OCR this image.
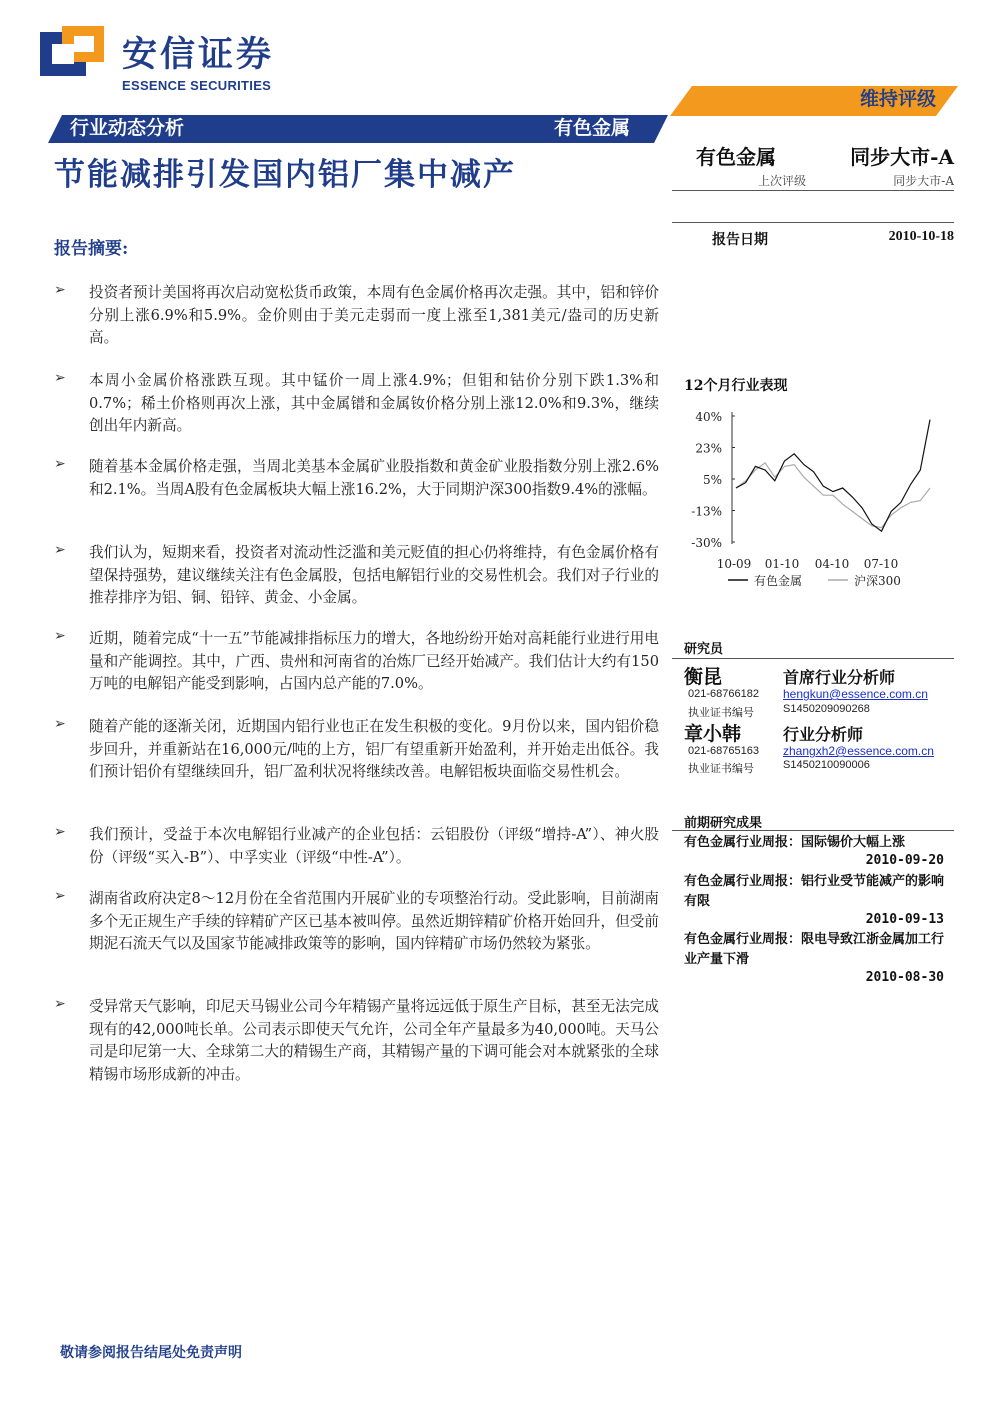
安信证券
ESSENCE SECURITIES
维持评级
行业动态分析	有色金属
节能减排引发国内铝厂集中减产	有色金属	同步大市-A
上次评级	同步大市-A
报告日期	2010-10-18
报告摘要:
➢ 投资者预计美国将再次启动宽松货币政策，本周有色金属价格再次走强。其中，铝和锌价分别上涨6.9%和5.9%。金价则由于美元走弱而一度上涨至1,381美元/盎司的历史新高。

➢ 本周小金属价格涨跌互现。其中锰价一周上涨4.9%；但钼和钴价分别下跌1.3%和0.7%；稀土价格则再次上涨，其中金属镨和金属钕价格分别上涨12.0%和9.3%，继续创出年内新高。

➢ 随着基本金属价格走强，当周北美基本金属矿业股指数和黄金矿业股指数分别上涨2.6%和2.1%。当周A股有色金属板块大幅上涨16.2%，大于同期沪深300指数9.4%的涨幅。

➢ 我们认为，短期来看，投资者对流动性泛滥和美元贬值的担心仍将维持，有色金属价格有望保持强势，建议继续关注有色金属股，包括电解铝行业的交易性机会。我们对子行业的推荐排序为铝、铜、铅锌、黄金、小金属。

➢ 近期，随着完成“十一五”节能减排指标压力的增大，各地纷纷开始对高耗能行业进行用电量和产能调控。其中，广西、贵州和河南省的冶炼厂已经开始减产。我们估计大约有150万吨的电解铝产能受到影响，占国内总产能的7.0%。

➢ 随着产能的逐渐关闭，近期国内铝行业也正在发生积极的变化。9月份以来，国内铝价稳步回升，并重新站在16,000元/吨的上方，铝厂有望重新开始盈利，并开始走出低谷。我们预计铝价有望继续回升，铝厂盈利状况将继续改善。电解铝板块面临交易性机会。

➢ 我们预计，受益于本次电解铝行业减产的企业包括：云铝股份（评级“增持-A”）、神火股份（评级“买入-B”）、中孚实业（评级“中性-A”）。

➢ 湖南省政府决定8～12月份在全省范围内开展矿业的专项整治行动。受此影响，目前湖南多个无正规生产手续的锌精矿产区已基本被叫停。虽然近期锌精矿价格开始回升，但受前期泥石流天气以及国家节能减排政策等的影响，国内锌精矿市场仍然较为紧张。

➢ 受异常天气影响，印尼天马锡业公司今年精锡产量将远远低于原生产目标，甚至无法完成现有的42,000吨长单。公司表示即使天气允许，公司全年产量最多为40,000吨。天马公司是印尼第一大、全球第二大的精锡生产商，其精锡产量的下调可能会对本就紧张的全球精锡市场形成新的冲击。

12个月行业表现
40%
23%
5%
-13%
-30%
10-09 01-10 04-10 07-10
有色金属	沪深300
研究员
衡昆	首席行业分析师
021-68766182 hengkun@essence.com.cn
执业证书编号	S1450209090268
章小韩	行业分析师
021-68765163 zhangxh2@essence.com.cn
执业证书编号	S1450210090006
前期研究成果
有色金属行业周报：国际锡价大幅上涨
2010-09-20
有色金属行业周报：铝行业受节能减产的影响有限
2010-09-13
有色金属行业周报：限电导致江浙金属加工行业产量下滑
2010-08-30
敬请参阅报告结尾处免责声明
